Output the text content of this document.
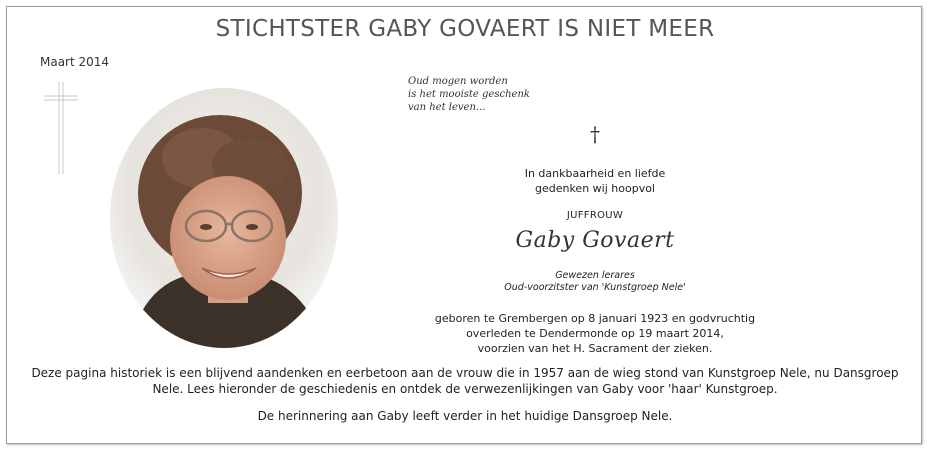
STICHTSTER GABY GOVAERT IS NIET MEER
Maart 2014
Oud mogen worden
is het mooiste geschenk
van het leven...
†
In dankbaarheid en liefde
gedenken wij hoopvol
JUFFROUW
Gaby Govaert
Gewezen lerares
Oud-voorzitster van 'Kunstgroep Nele'
geboren te Grembergen op 8 januari 1923 en godvruchtig
overleden te Dendermonde op 19 maart 2014,
voorzien van het H. Sacrament der zieken.
Deze pagina historiek is een blijvend aandenken en eerbetoon aan de vrouw die in 1957 aan de wieg stond van Kunstgroep Nele, nu Dansgroep Nele. Lees hieronder de geschiedenis en ontdek de verwezenlijkingen van Gaby voor 'haar' Kunstgroep.
De herinnering aan Gaby leeft verder in het huidige Dansgroep Nele.
